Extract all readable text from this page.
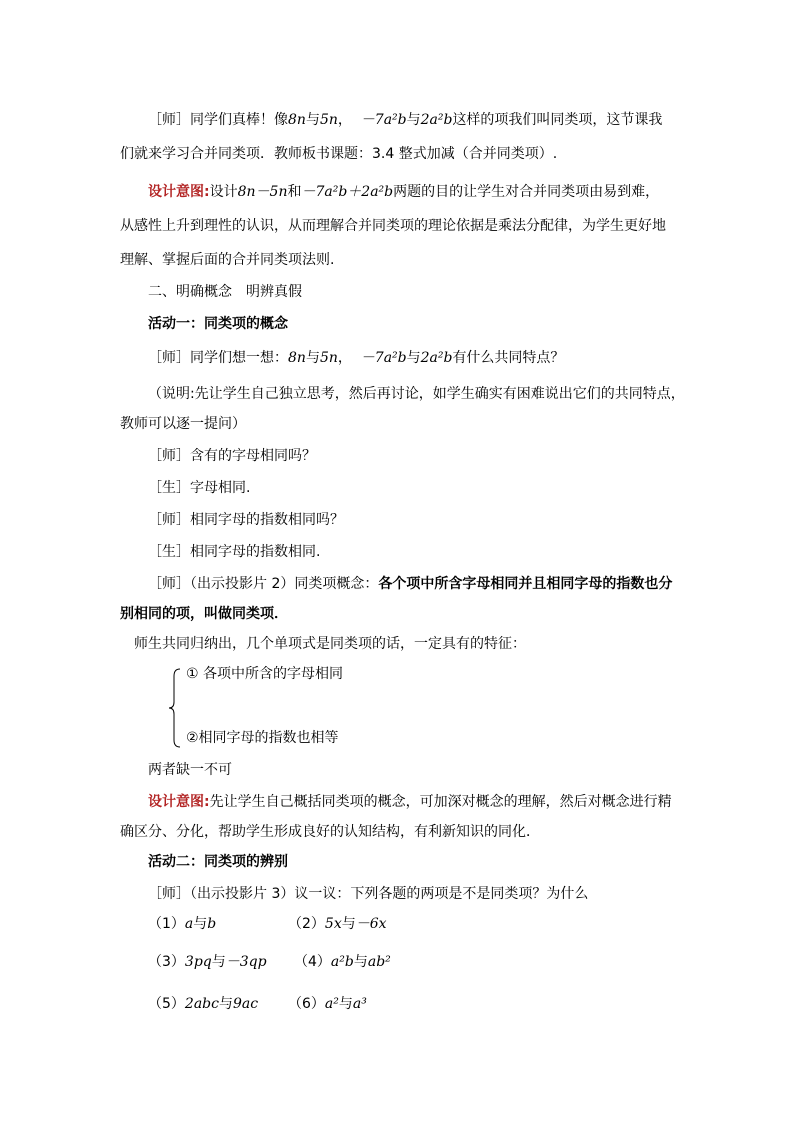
［师］同学们真棒！像8n与5n， －7a²b与2a²b这样的项我们叫同类项，这节课我
们就来学习合并同类项．教师板书课题：3.4 整式加减（合并同类项）.
设计意图:设计8n－5n和－7a²b＋2a²b两题的目的让学生对合并同类项由易到难，
从感性上升到理性的认识，从而理解合并同类项的理论依据是乘法分配律，为学生更好地
理解、掌握后面的合并同类项法则.
二、明确概念　明辨真假
活动一：同类项的概念
［师］同学们想一想：8n与5n， －7a²b与2a²b有什么共同特点？
（说明:先让学生自己独立思考，然后再讨论，如学生确实有困难说出它们的共同特点，
教师可以逐一提问）
［师］含有的字母相同吗？
［生］字母相同.
［师］相同字母的指数相同吗？
［生］相同字母的指数相同.
［师］（出示投影片 2）同类项概念：各个项中所含字母相同并且相同字母的指数也分
别相同的项，叫做同类项．
师生共同归纳出，几个单项式是同类项的话，一定具有的特征：
① 各项中所含的字母相同
②相同字母的指数也相等
两者缺一不可
设计意图:先让学生自己概括同类项的概念，可加深对概念的理解，然后对概念进行精
确区分、分化，帮助学生形成良好的认知结构，有利新知识的同化．
活动二：同类项的辨别
［师］（出示投影片 3）议一议：下列各题的两项是不是同类项？为什么
（1）a与b	（2）5x与－6x
（3）3pq与－3qp （4）a²b与ab²
（5）2abc与9ac （6）a²与a³
